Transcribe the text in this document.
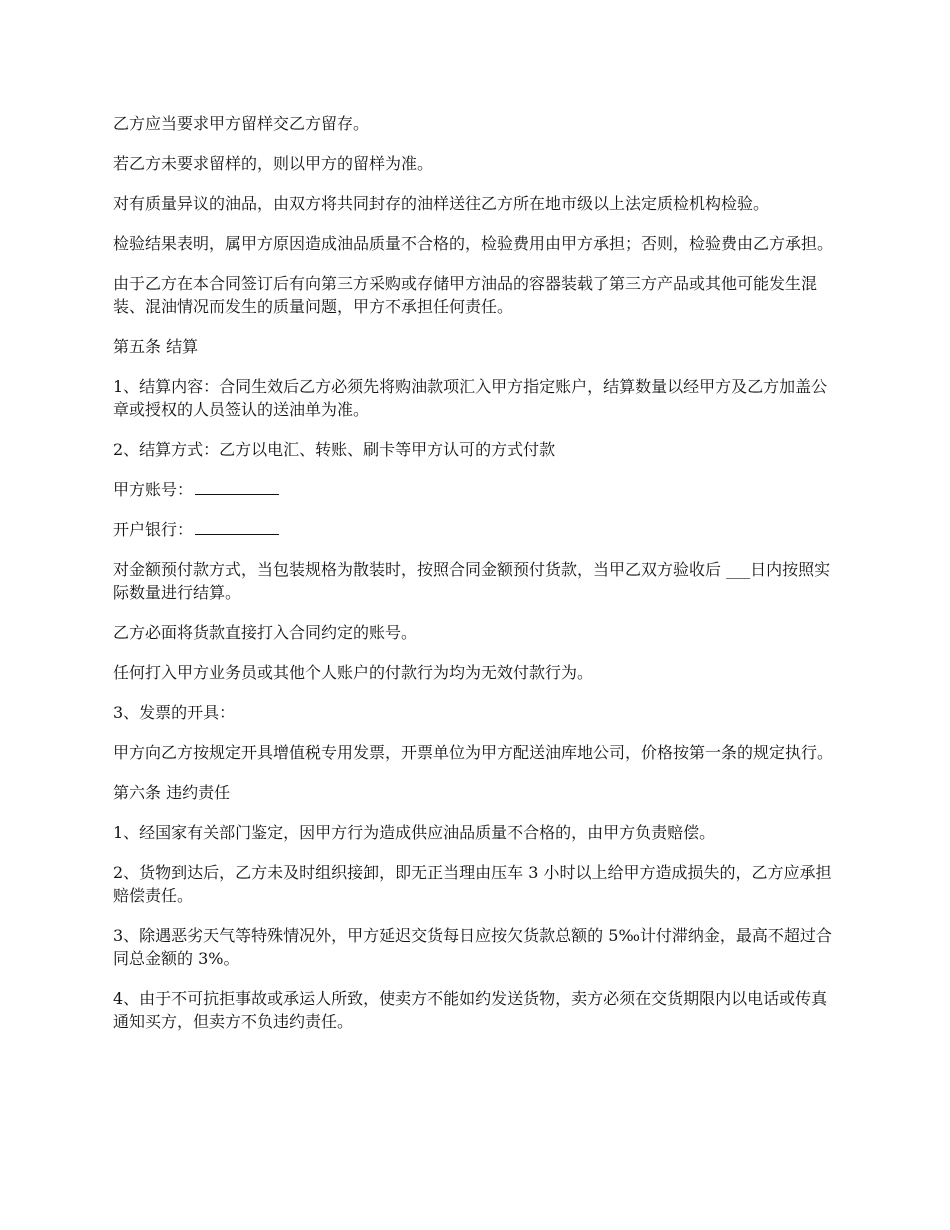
乙方应当要求甲方留样交乙方留存。

若乙方未要求留样的，则以甲方的留样为准。

对有质量异议的油品，由双方将共同封存的油样送往乙方所在地市级以上法定质检机构检验。

检验结果表明，属甲方原因造成油品质量不合格的，检验费用由甲方承担；否则，检验费由乙方承担。

由于乙方在本合同签订后有向第三方采购或存储甲方油品的容器装载了第三方产品或其他可能发生混装、混油情况而发生的质量问题，甲方不承担任何责任。

第五条 结算

1、结算内容：合同生效后乙方必须先将购油款项汇入甲方指定账户，结算数量以经甲方及乙方加盖公章或授权的人员签认的送油单为准。

2、结算方式：乙方以电汇、转账、刷卡等甲方认可的方式付款

甲方账号：

开户银行：

对金额预付款方式，当包装规格为散装时，按照合同金额预付货款，当甲乙双方验收后 ___日内按照实际数量进行结算。

乙方必面将货款直接打入合同约定的账号。

任何打入甲方业务员或其他个人账户的付款行为均为无效付款行为。

3、发票的开具：

甲方向乙方按规定开具增值税专用发票，开票单位为甲方配送油库地公司，价格按第一条的规定执行。

第六条 违约责任

1、经国家有关部门鉴定，因甲方行为造成供应油品质量不合格的，由甲方负责赔偿。

2、货物到达后，乙方未及时组织接卸，即无正当理由压车 3 小时以上给甲方造成损失的，乙方应承担赔偿责任。

3、除遇恶劣天气等特殊情况外，甲方延迟交货每日应按欠货款总额的 5‰计付滞纳金，最高不超过合同总金额的 3%。

4、由于不可抗拒事故或承运人所致，使卖方不能如约发送货物，卖方必须在交货期限内以电话或传真通知买方，但卖方不负违约责任。
